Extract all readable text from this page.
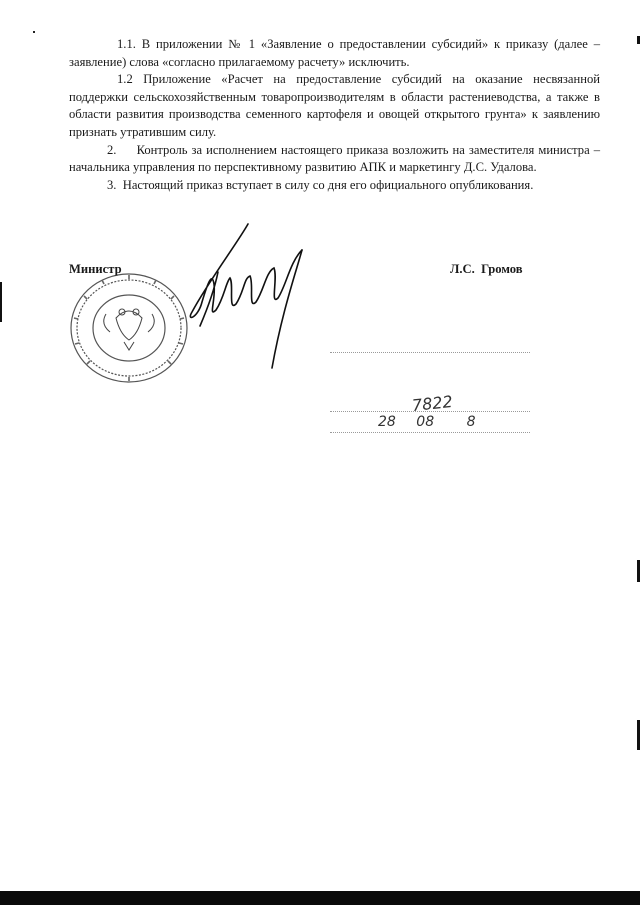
1.1. В приложении № 1 «Заявление о предоставлении субсидий» к приказу (далее – заявление) слова «согласно прилагаемому расчету» исключить.

1.2 Приложение «Расчет на предоставление субсидий на оказание несвязанной поддержки сельскохозяйственным товаропроизводителям в области растениеводства, а также в области развития производства семенного картофеля и овощей открытого грунта» к заявлению признать утратившим силу.

2.     Контроль за исполнением настоящего приказа возложить на заместителя министра – начальника управления по перспективному развитию АПК и маркетингу Д.С. Удалова.

3.  Настоящий приказ вступает в силу со дня его официального опубликования.

Министр	Л.С.  Громов
7822
28 08 8
